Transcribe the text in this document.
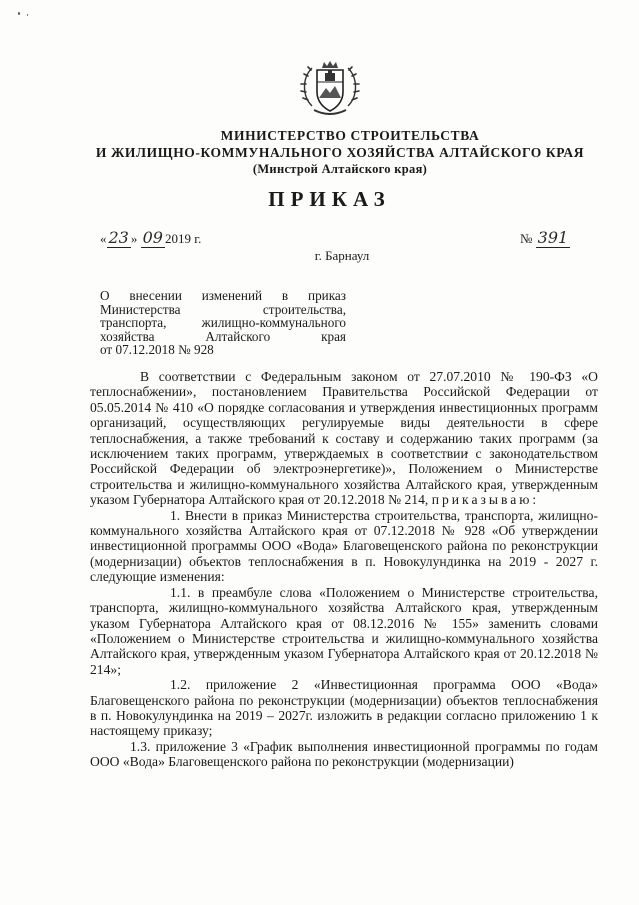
МИНИСТЕРСТВО СТРОИТЕЛЬСТВА
И ЖИЛИЩНО-КОММУНАЛЬНОГО ХОЗЯЙСТВА АЛТАЙСКОГО КРАЯ
(Минстрой Алтайского края)
ПРИКАЗ
« 23 » 09 2019 г.	№ 391
г. Барнаул
О внесении изменений в приказ
Министерства строительства,
транспорта, жилищно-коммунального
хозяйства Алтайского края
от 07.12.2018 № 928

В соответствии с Федеральным законом от 27.07.2010 № 190-ФЗ «О теплоснабжении», постановлением Правительства Российской Федерации от 05.05.2014 № 410 «О порядке согласования и утверждения инвестиционных программ организаций, осуществляющих регулируемые виды деятельности в сфере теплоснабжения, а также требований к составу и содержанию таких программ (за исключением таких программ, утверждаемых в соответствии с законодательством Российской Федерации об электроэнергетике)», Положением о Министерстве строительства и жилищно-коммунального хозяйства Алтайского края, утвержденным указом Губернатора Алтайского края от 20.12.2018 № 214, приказываю:

1. Внести в приказ Министерства строительства, транспорта, жилищно-коммунального хозяйства Алтайского края от 07.12.2018 № 928 «Об утверждении инвестиционной программы ООО «Вода» Благовещенского района по реконструкции (модернизации) объектов теплоснабжения в п. Новокулундинка на 2019 - 2027 г. следующие изменения:

1.1. в преамбуле слова «Положением о Министерстве строительства, транспорта, жилищно-коммунального хозяйства Алтайского края, утвержденным указом Губернатора Алтайского края от 08.12.2016 № 155» заменить словами «Положением о Министерстве строительства и жилищно-коммунального хозяйства Алтайского края, утвержденным указом Губернатора Алтайского края от 20.12.2018 № 214»;

1.2. приложение 2 «Инвестиционная программа ООО «Вода» Благовещенского района по реконструкции (модернизации) объектов теплоснабжения в п. Новокулундинка на 2019 – 2027г. изложить в редакции согласно приложению 1 к настоящему приказу;

1.3. приложение 3 «График выполнения инвестиционной программы по годам ООО «Вода» Благовещенского района по реконструкции (модернизации)
